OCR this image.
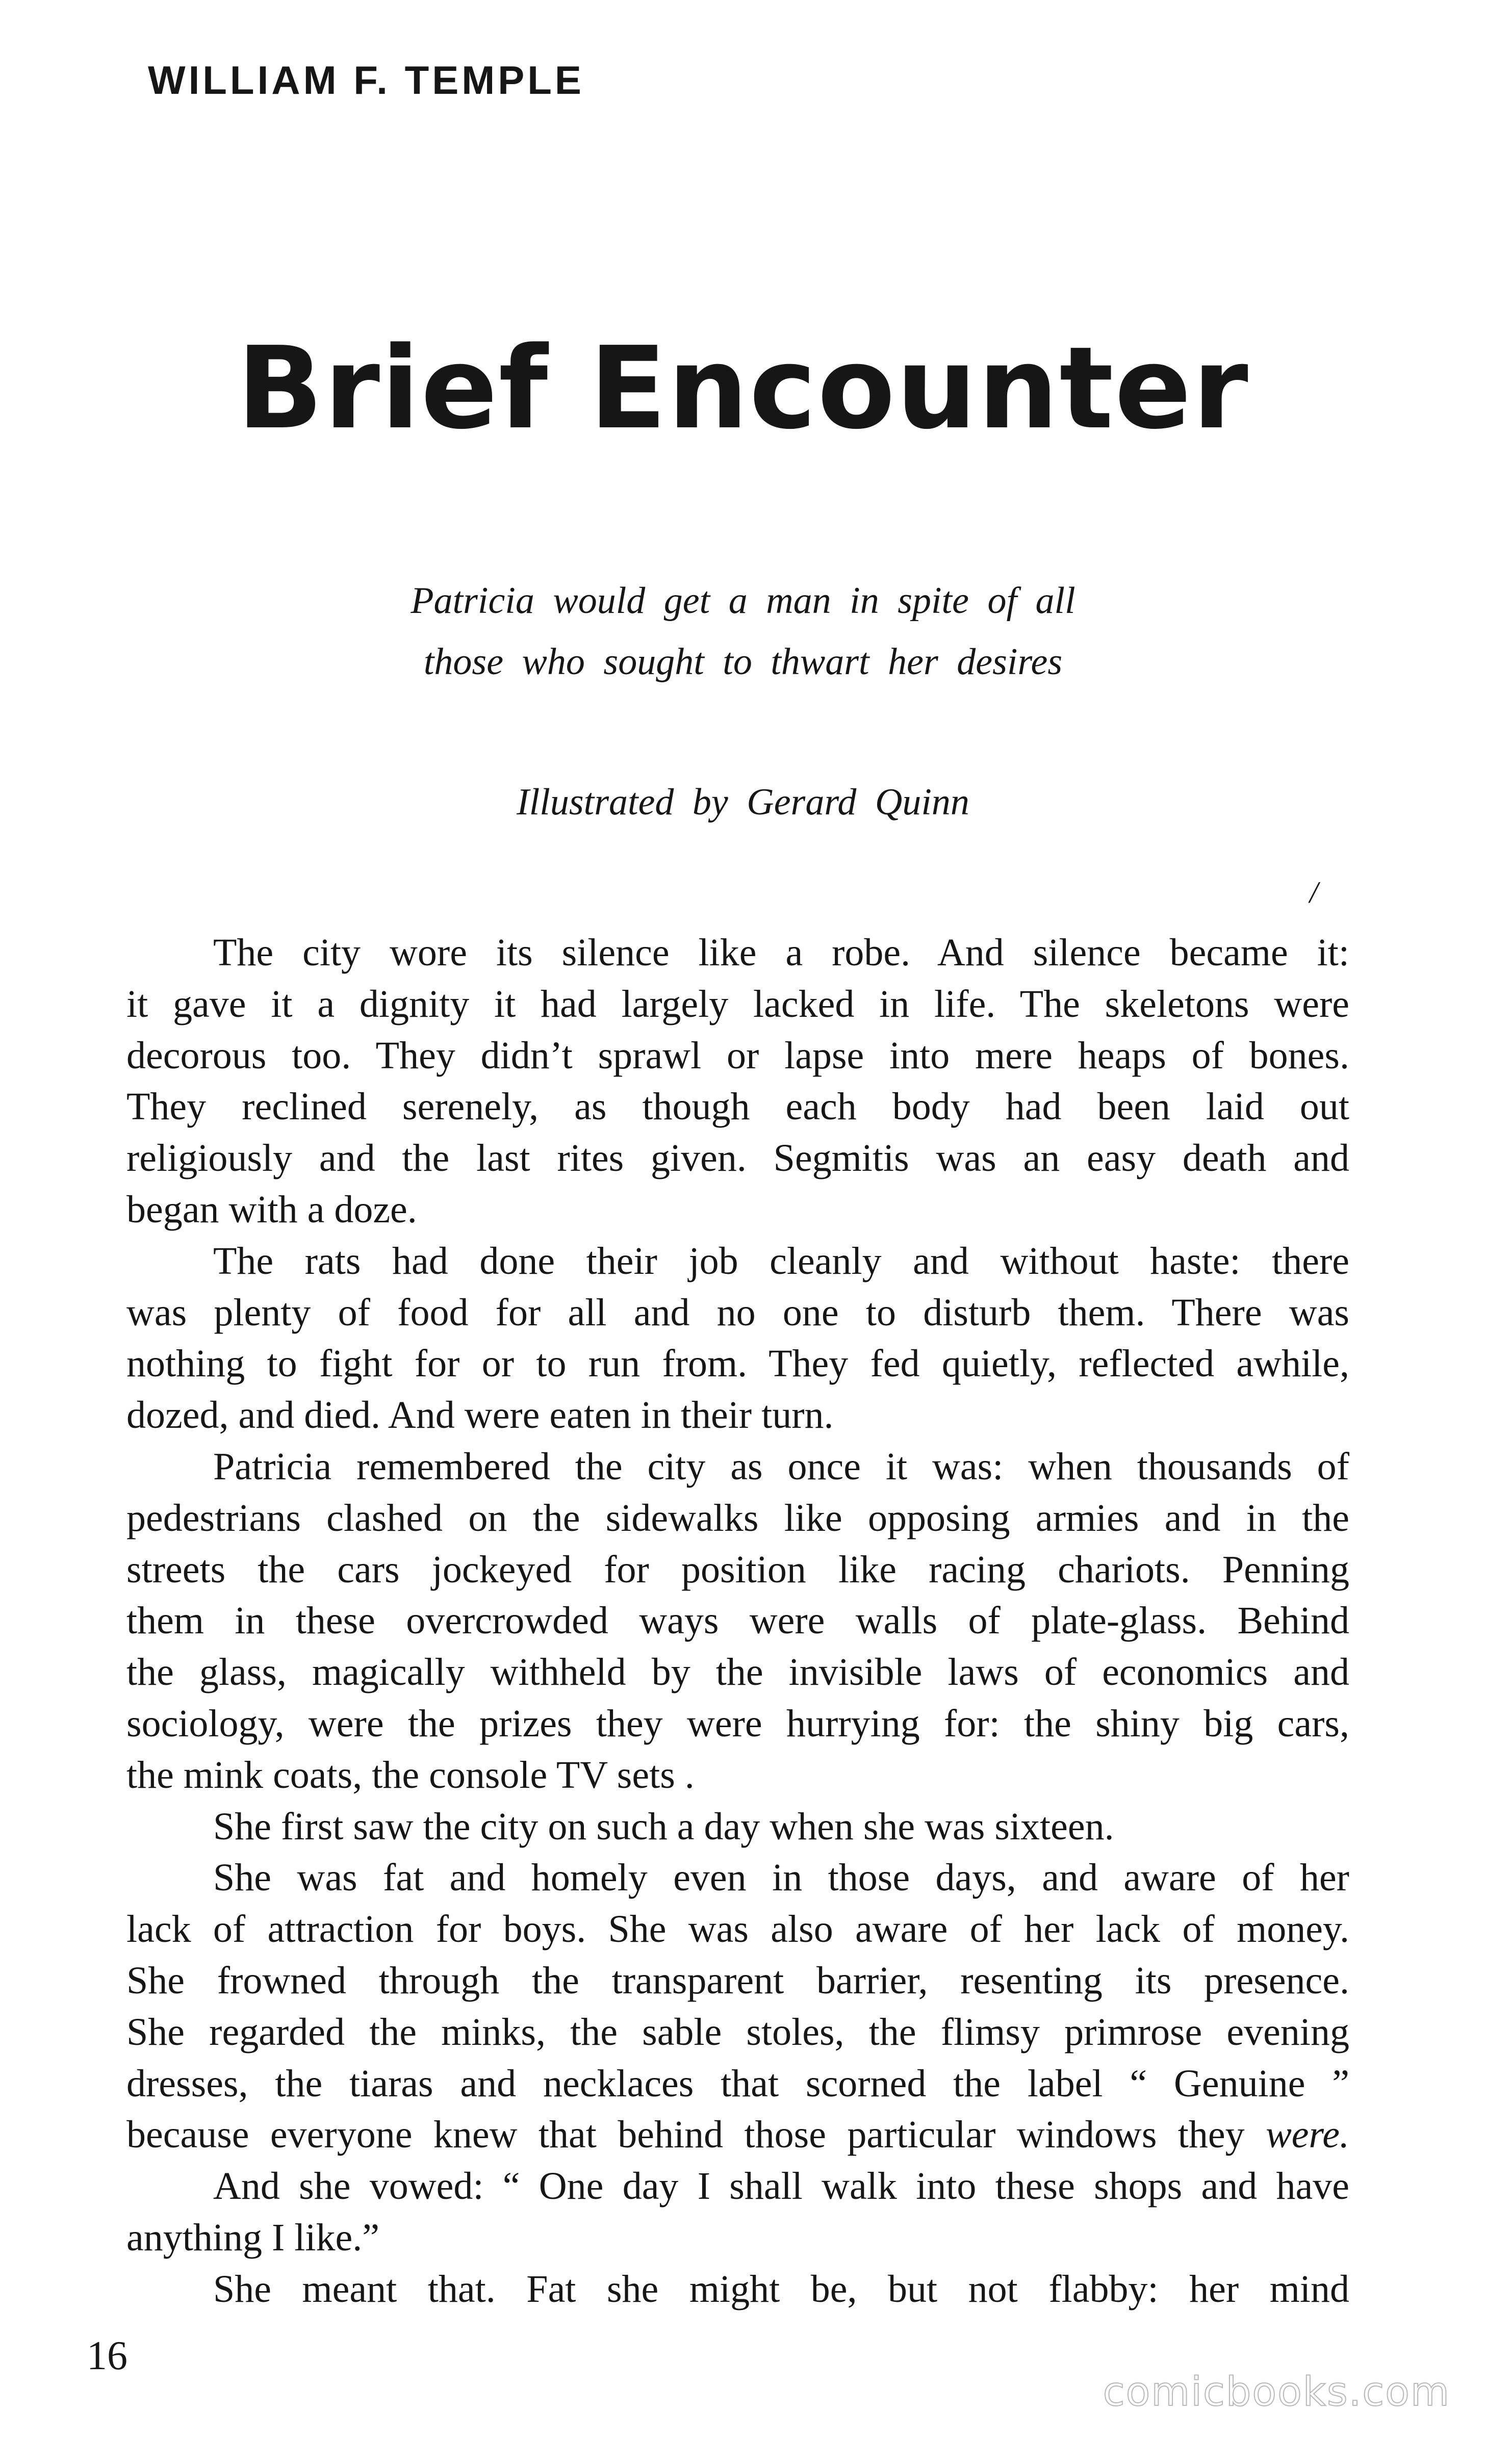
WILLIAM F. TEMPLE
Brief Encounter
Patricia would get a man in spite of all
those who sought to thwart her desires
Illustrated by Gerard Quinn
/
The city wore its silence like a robe. And silence became it:
it gave it a dignity it had largely lacked in life. The skeletons were
decorous too. They didn’t sprawl or lapse into mere heaps of bones.
They reclined serenely, as though each body had been laid out
religiously and the last rites given. Segmitis was an easy death and
began with a doze.
The rats had done their job cleanly and without haste: there
was plenty of food for all and no one to disturb them. There was
nothing to fight for or to run from. They fed quietly, reflected awhile,
dozed, and died. And were eaten in their turn.
Patricia remembered the city as once it was: when thousands of
pedestrians clashed on the sidewalks like opposing armies and in the
streets the cars jockeyed for position like racing chariots. Penning
them in these overcrowded ways were walls of plate-glass. Behind
the glass, magically withheld by the invisible laws of economics and
sociology, were the prizes they were hurrying for: the shiny big cars,
the mink coats, the console TV sets .
She first saw the city on such a day when she was sixteen.
She was fat and homely even in those days, and aware of her
lack of attraction for boys. She was also aware of her lack of money.
She frowned through the transparent barrier, resenting its presence.
She regarded the minks, the sable stoles, the flimsy primrose evening
dresses, the tiaras and necklaces that scorned the label “ Genuine ”
because everyone knew that behind those particular windows they were.
And she vowed: “ One day I shall walk into these shops and have
anything I like.”
She meant that. Fat she might be, but not flabby: her mind
16
comicbooks.com
